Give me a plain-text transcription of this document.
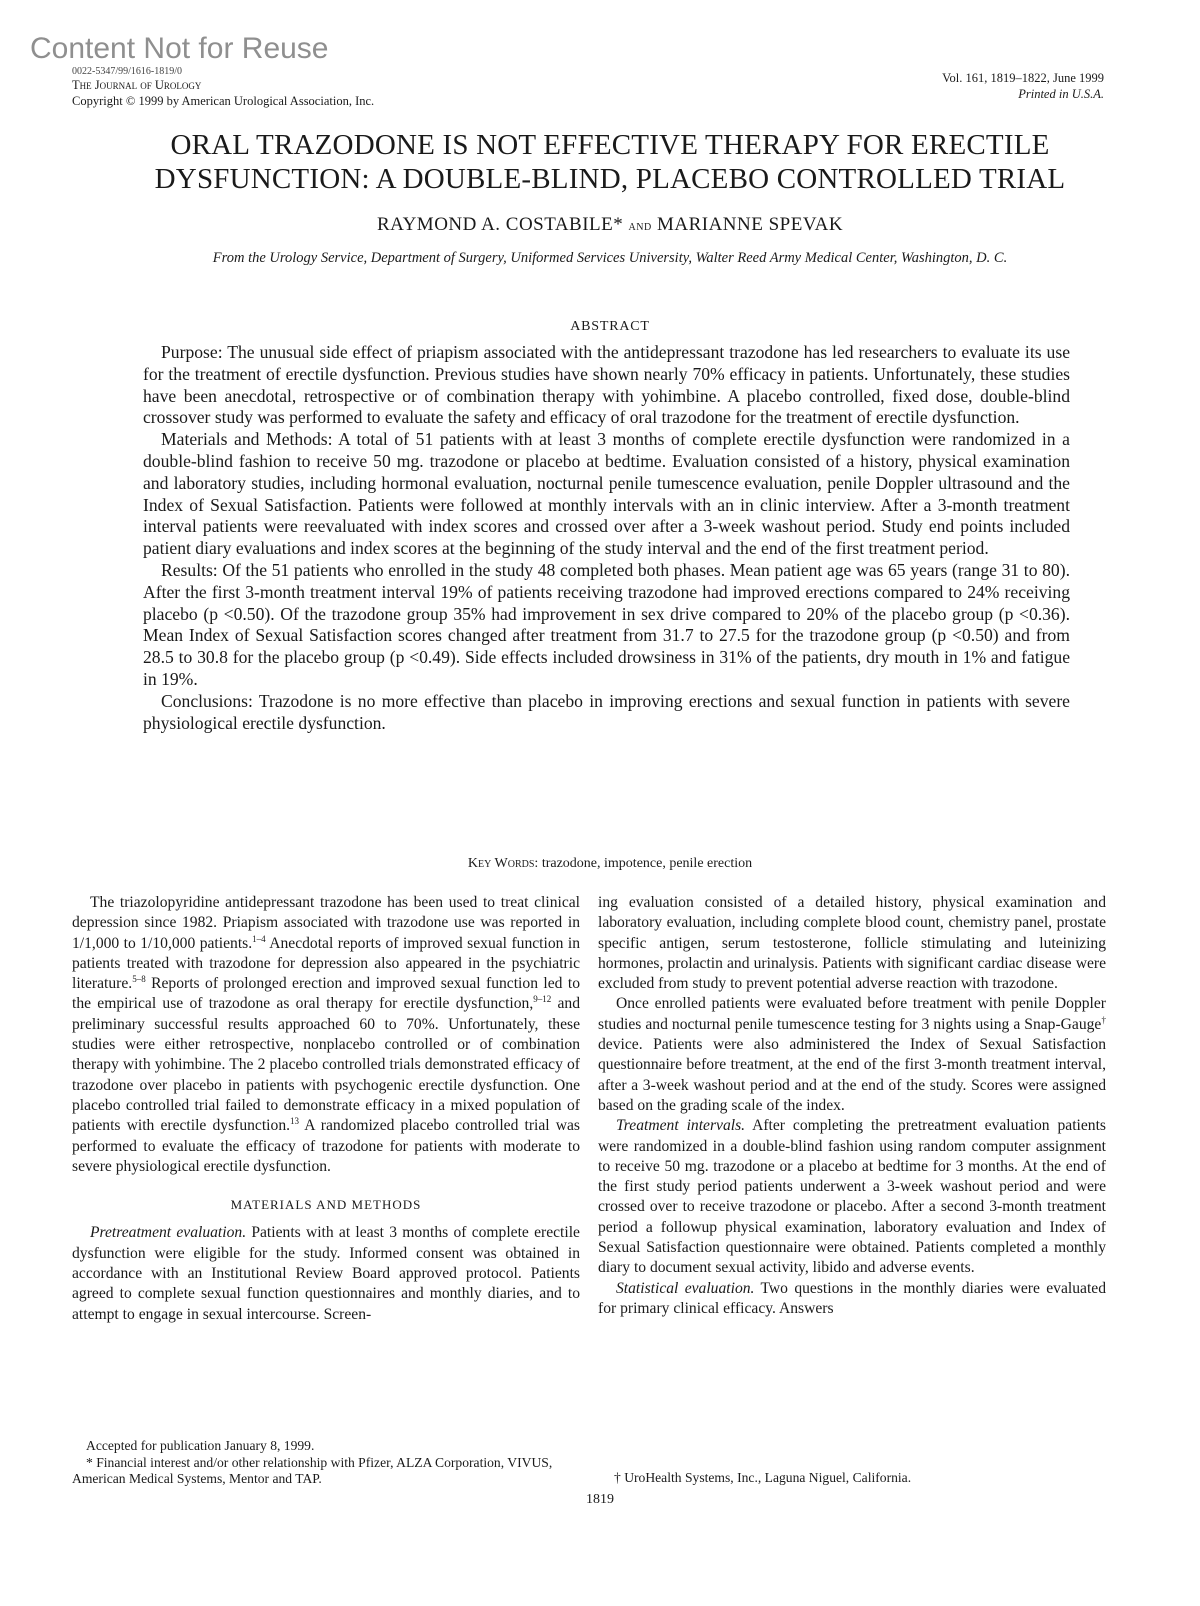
Content Not for Reuse
0022-5347/99/1616-1819/0
The Journal of Urology
Copyright © 1999 by American Urological Association, Inc.
Vol. 161, 1819–1822, June 1999
Printed in U.S.A.
ORAL TRAZODONE IS NOT EFFECTIVE THERAPY FOR ERECTILE
DYSFUNCTION: A DOUBLE-BLIND, PLACEBO CONTROLLED TRIAL
RAYMOND A. COSTABILE* and MARIANNE SPEVAK
From the Urology Service, Department of Surgery, Uniformed Services University, Walter Reed Army Medical Center, Washington, D. C.
ABSTRACT

Purpose: The unusual side effect of priapism associated with the antidepressant trazodone has led researchers to evaluate its use for the treatment of erectile dysfunction. Previous studies have shown nearly 70% efficacy in patients. Unfortunately, these studies have been anecdotal, retrospective or of combination therapy with yohimbine. A placebo controlled, fixed dose, double-blind crossover study was performed to evaluate the safety and efficacy of oral trazodone for the treatment of erectile dysfunction.

Materials and Methods: A total of 51 patients with at least 3 months of complete erectile dysfunction were randomized in a double-blind fashion to receive 50 mg. trazodone or placebo at bedtime. Evaluation consisted of a history, physical examination and laboratory studies, including hormonal evaluation, nocturnal penile tumescence evaluation, penile Doppler ultrasound and the Index of Sexual Satisfaction. Patients were followed at monthly intervals with an in clinic interview. After a 3-month treatment interval patients were reevaluated with index scores and crossed over after a 3-week washout period. Study end points included patient diary evaluations and index scores at the beginning of the study interval and the end of the first treatment period.

Results: Of the 51 patients who enrolled in the study 48 completed both phases. Mean patient age was 65 years (range 31 to 80). After the first 3-month treatment interval 19% of patients receiving trazodone had improved erections compared to 24% receiving placebo (p <0.50). Of the trazodone group 35% had improvement in sex drive compared to 20% of the placebo group (p <0.36). Mean Index of Sexual Satisfaction scores changed after treatment from 31.7 to 27.5 for the trazodone group (p <0.50) and from 28.5 to 30.8 for the placebo group (p <0.49). Side effects included drowsiness in 31% of the patients, dry mouth in 1% and fatigue in 19%.

Conclusions: Trazodone is no more effective than placebo in improving erections and sexual function in patients with severe physiological erectile dysfunction.

Key Words: trazodone, impotence, penile erection

The triazolopyridine antidepressant trazodone has been used to treat clinical depression since 1982. Priapism associated with trazodone use was reported in 1/1,000 to 1/10,000 patients.$^{1-4}$ Anecdotal reports of improved sexual function in patients treated with trazodone for depression also appeared in the psychiatric literature.$^{5-8}$ Reports of prolonged erection and improved sexual function led to the empirical use of trazodone as oral therapy for erectile dysfunction,$^{9-12}$ and preliminary successful results approached 60 to 70%. Unfortunately, these studies were either retrospective, nonplacebo controlled or of combination therapy with yohimbine. The 2 placebo controlled trials demonstrated efficacy of trazodone over placebo in patients with psychogenic erectile dysfunction. One placebo controlled trial failed to demonstrate efficacy in a mixed population of patients with erectile dysfunction.$^{13}$ A randomized placebo controlled trial was performed to evaluate the efficacy of trazodone for patients with moderate to severe physiological erectile dysfunction.

MATERIALS AND METHODS

Pretreatment evaluation. Patients with at least 3 months of complete erectile dysfunction were eligible for the study. Informed consent was obtained in accordance with an Institutional Review Board approved protocol. Patients agreed to complete sexual function questionnaires and monthly diaries, and to attempt to engage in sexual intercourse. Screen-

ing evaluation consisted of a detailed history, physical examination and laboratory evaluation, including complete blood count, chemistry panel, prostate specific antigen, serum testosterone, follicle stimulating and luteinizing hormones, prolactin and urinalysis. Patients with significant cardiac disease were excluded from study to prevent potential adverse reaction with trazodone.

Once enrolled patients were evaluated before treatment with penile Doppler studies and nocturnal penile tumescence testing for 3 nights using a Snap-Gauge† device. Patients were also administered the Index of Sexual Satisfaction questionnaire before treatment, at the end of the first 3-month treatment interval, after a 3-week washout period and at the end of the study. Scores were assigned based on the grading scale of the index.

Treatment intervals. After completing the pretreatment evaluation patients were randomized in a double-blind fashion using random computer assignment to receive 50 mg. trazodone or a placebo at bedtime for 3 months. At the end of the first study period patients underwent a 3-week washout period and were crossed over to receive trazodone or placebo. After a second 3-month treatment period a followup physical examination, laboratory evaluation and Index of Sexual Satisfaction questionnaire were obtained. Patients completed a monthly diary to document sexual activity, libido and adverse events.

Statistical evaluation. Two questions in the monthly diaries were evaluated for primary clinical efficacy. Answers

Accepted for publication January 8, 1999.

* Financial interest and/or other relationship with Pfizer, ALZA Corporation, VIVUS, American Medical Systems, Mentor and TAP.	† UroHealth Systems, Inc., Laguna Niguel, California.
1819
